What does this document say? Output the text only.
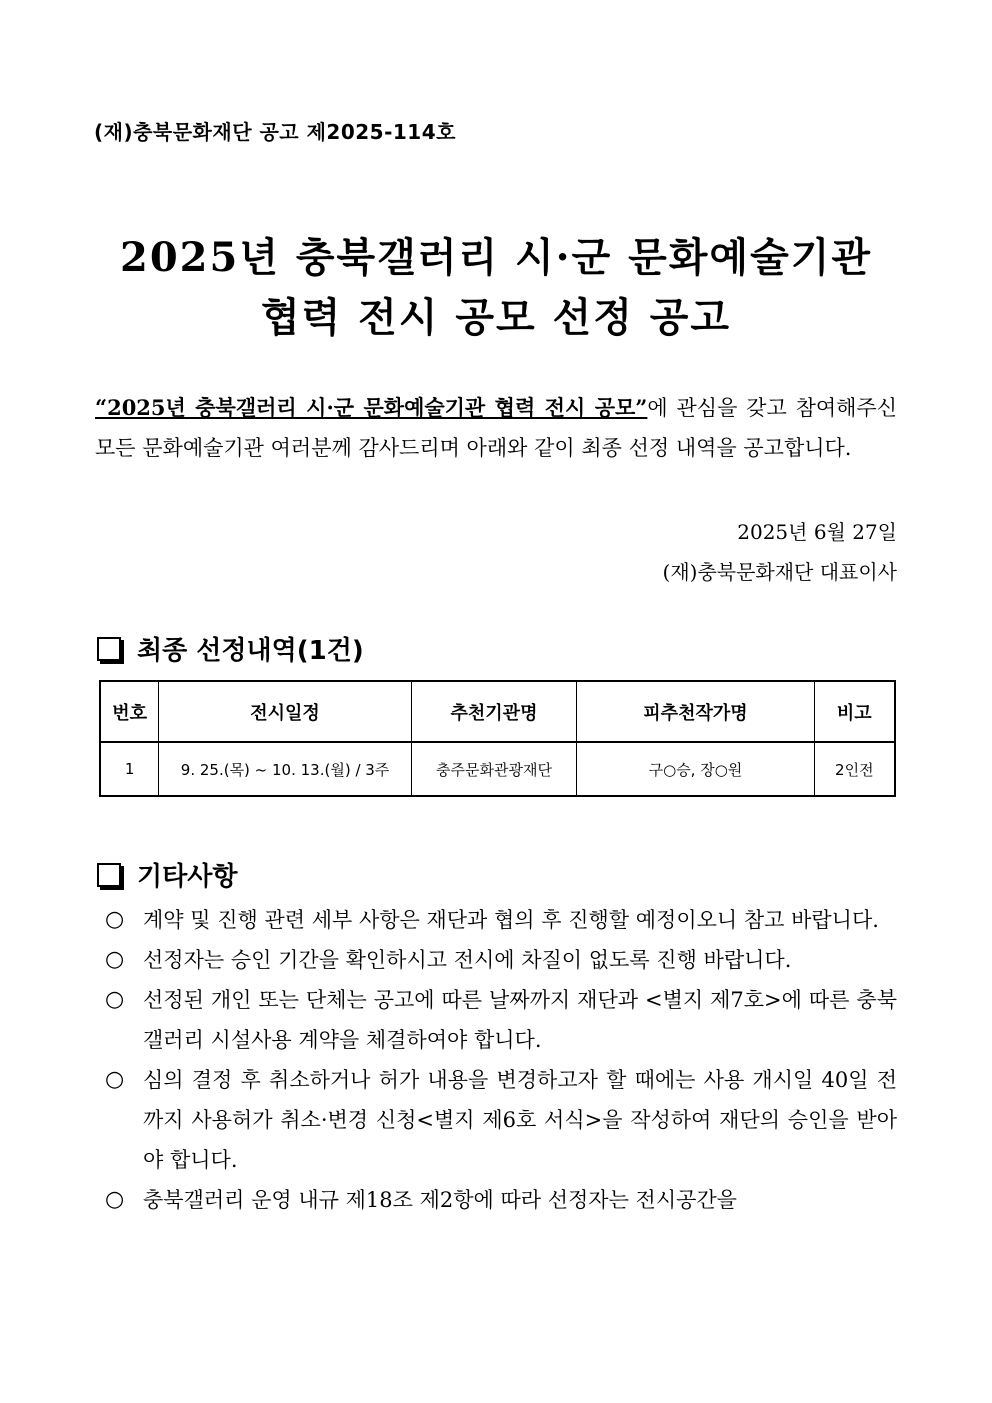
(재)충북문화재단 공고 제2025-114호
2025년 충북갤러리 시·군 문화예술기관
협력 전시 공모 선정 공고
“2025년 충북갤러리 시·군 문화예술기관 협력 전시 공모”에 관심을 갖고 참여해주신 모든 문화예술기관 여러분께 감사드리며 아래와 같이 최종 선정 내역을 공고합니다.
2025년 6월 27일
(재)충북문화재단 대표이사
최종 선정내역(1건)
번호	전시일정	추천기관명	피추천작가명	비고
1	9. 25.(목) ~ 10. 13.(월) / 3주	충주문화관광재단	구○승, 장○원	2인전
기타사항
○ 계약 및 진행 관련 세부 사항은 재단과 협의 후 진행할 예정이오니 참고 바랍니다.
○ 선정자는 승인 기간을 확인하시고 전시에 차질이 없도록 진행 바랍니다.
○ 선정된 개인 또는 단체는 공고에 따른 날짜까지 재단과 <별지 제7호>에 따른 충북갤러리 시설사용 계약을 체결하여야 합니다.
○ 심의 결정 후 취소하거나 허가 내용을 변경하고자 할 때에는 사용 개시일 40일 전까지 사용허가 취소·변경 신청<별지 제6호 서식>을 작성하여 재단의 승인을 받아야 합니다.
○ 충북갤러리 운영 내규 제18조 제2항에 따라 선정자는 전시공간을
